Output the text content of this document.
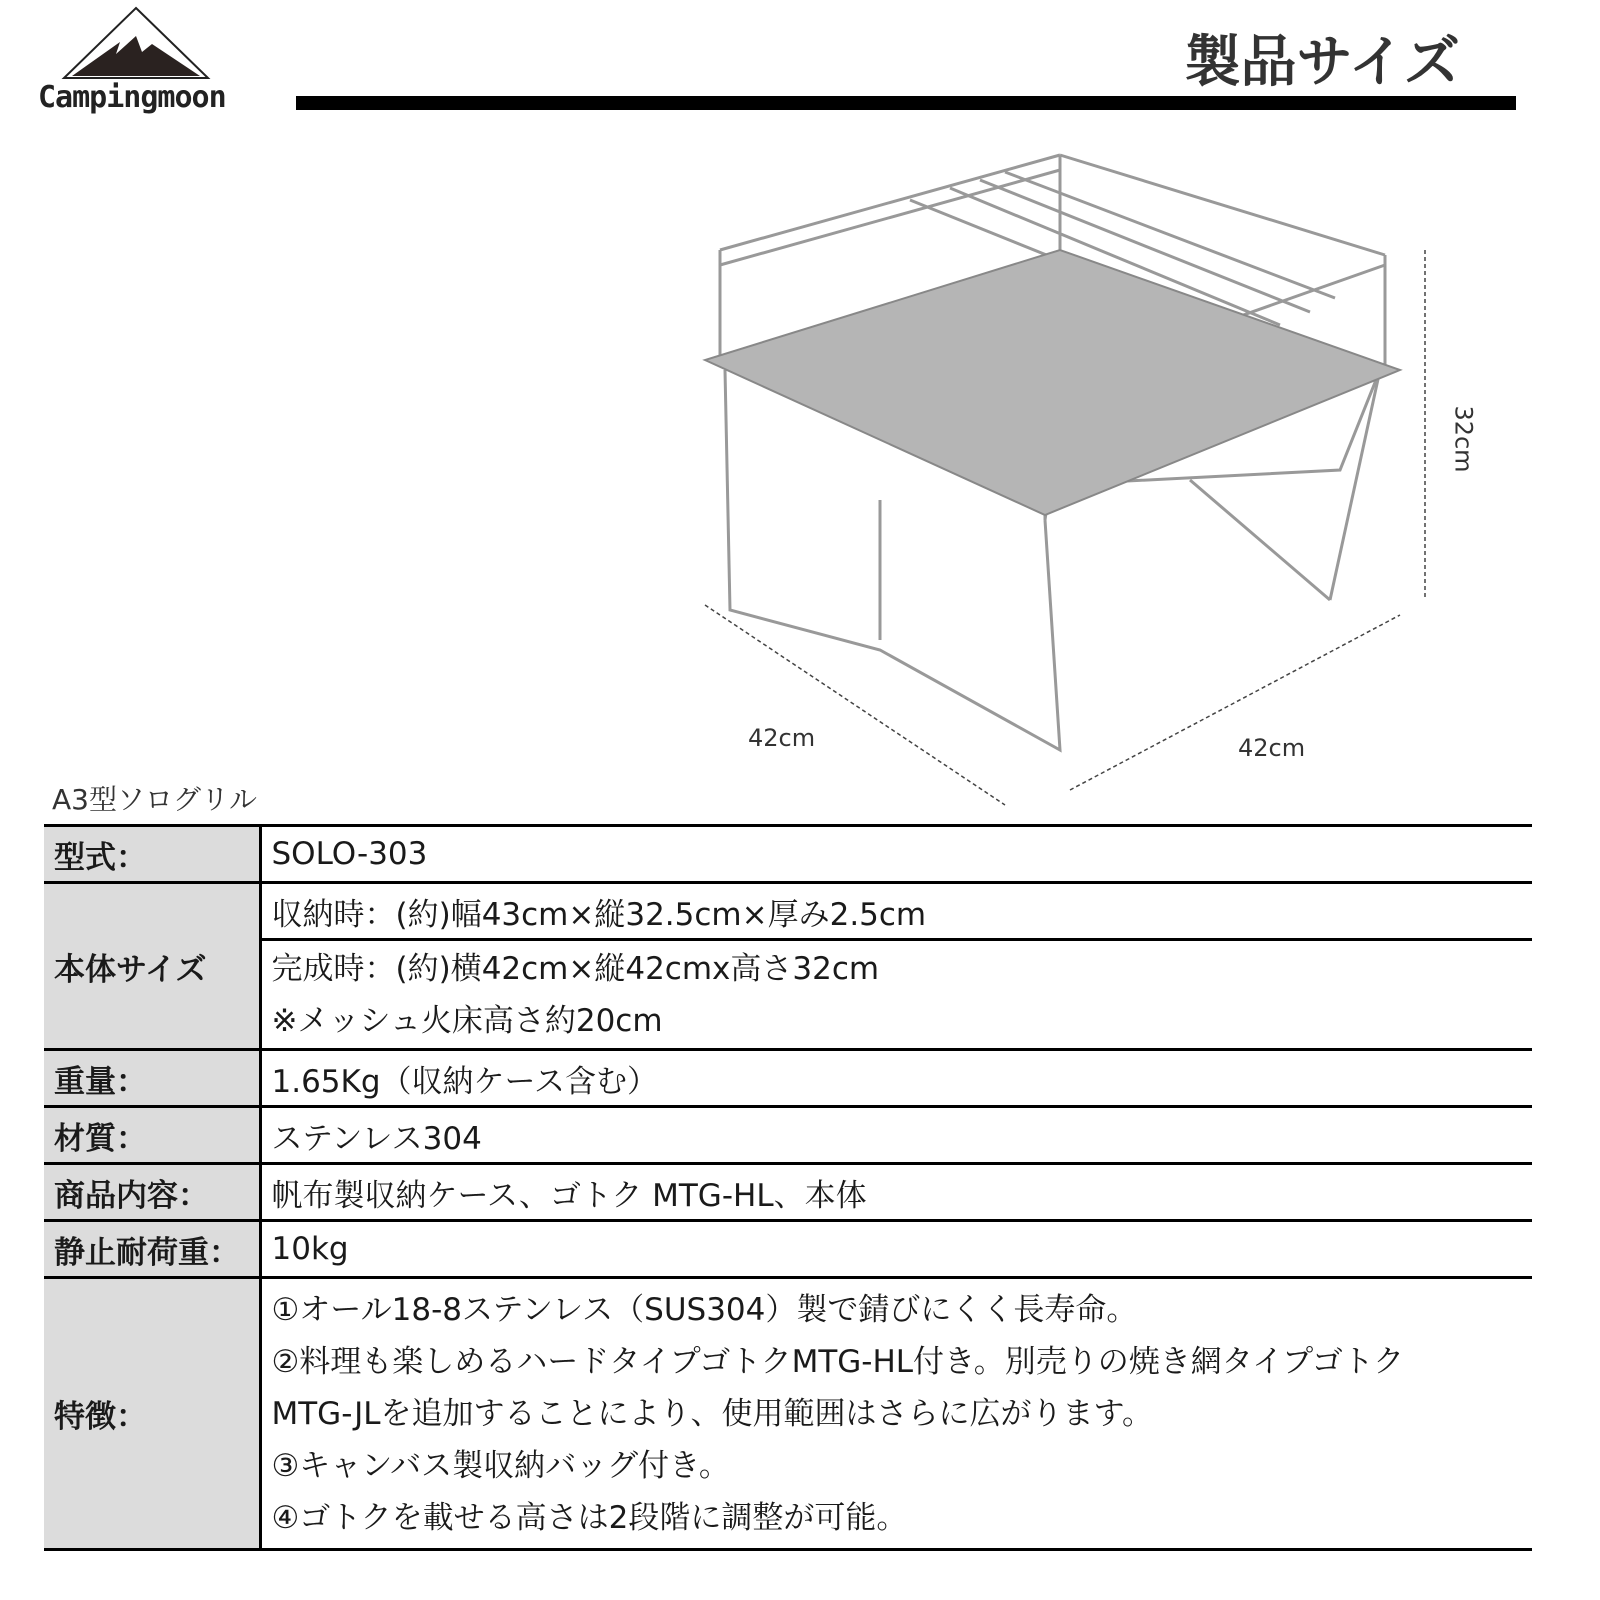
Campingmoon
製品サイズ
32cm
42cm	42cm
A3型ソログリル
型式：	SOLO-303
本体サイズ	収納時：(約)幅43cm×縦32.5cm×厚み2.5cm

	完成時：(約)横42cm×縦42cmx高さ32cm
※メッシュ火床高さ約20cm

重量：	1.65Kg（収納ケース含む）
材質：	ステンレス304
商品内容：	帆布製収納ケース、ゴトク MTG-HL、本体
静止耐荷重：	10kg
特徴：	①オール18-8ステンレス（SUS304）製で錆びにくく長寿命。
②料理も楽しめるハードタイプゴトクMTG-HL付き。別売りの焼き網タイプゴトク
MTG-JLを追加することにより、使用範囲はさらに広がります。
③キャンバス製収納バッグ付き。
④ゴトクを載せる高さは2段階に調整が可能。
